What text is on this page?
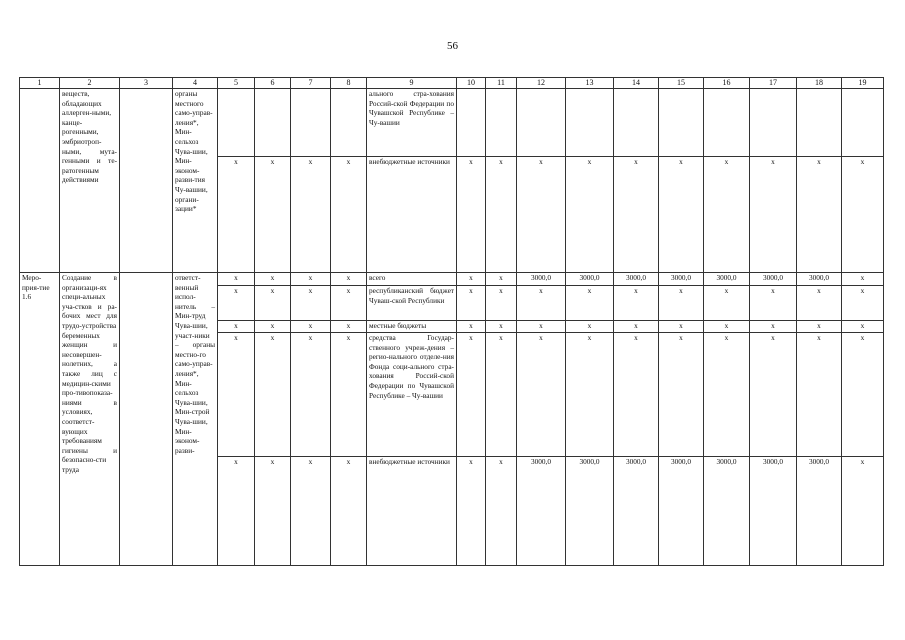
56
1	2	3	4	5	6	7	8	9	10	11	12	13	14	15	16	17	18	19
	веществ, обладающих аллерген-ными, канце-рогенными, эмбриотроп-ными, мута-генными и те-ратогенным действиями		органы местного само-управ-ления*, Мин-сельхоз Чува-шии, Мин-эконом-разви-тия Чу-вашии, органи-зации*					ального стра-хования Россий-ской Федерации по Чувашской Республике – Чу-вашии										
				x	x	x	x	внебюджетные источники	x	x	x	x	x	x	x	x	x	x
Меро-прия-тие 1.6	Создание в организаци-ях специ-альных уча-стков и ра-бочих мест для трудо-устройства беременных женщин и несовершен-нолетних, а также лиц с медицин-скими про-тивопоказа-ниями в условиях, соответст-вующих требованиям гигиены и безопасно-сти труда		ответст-венный испол-нитель – Мин-труд Чува-шии, участ-ники – органы местно-го само-управ-ления*, Мин-сельхоз Чува-шии, Мин-строй Чува-шии, Мин-эконом-разви-	x	x	x	x	всего	x	x	3000,0	3000,0	3000,0	3000,0	3000,0	3000,0	3000,0	x
				x	x	x	x	республиканский бюджет Чуваш-ской Республики	x	x	x	x	x	x	x	x	x	x
				x	x	x	x	местные бюджеты	x	x	x	x	x	x	x	x	x	x
				x	x	x	x	средства Государ-ственного учреж-дения – регио-нального отделе-ния Фонда соци-ального стра-хования Россий-ской Федерации по Чувашской Республике – Чу-вашии	x	x	x	x	x	x	x	x	x	x
				x	x	x	x	внебюджетные источники	x	x	3000,0	3000,0	3000,0	3000,0	3000,0	3000,0	3000,0	x
